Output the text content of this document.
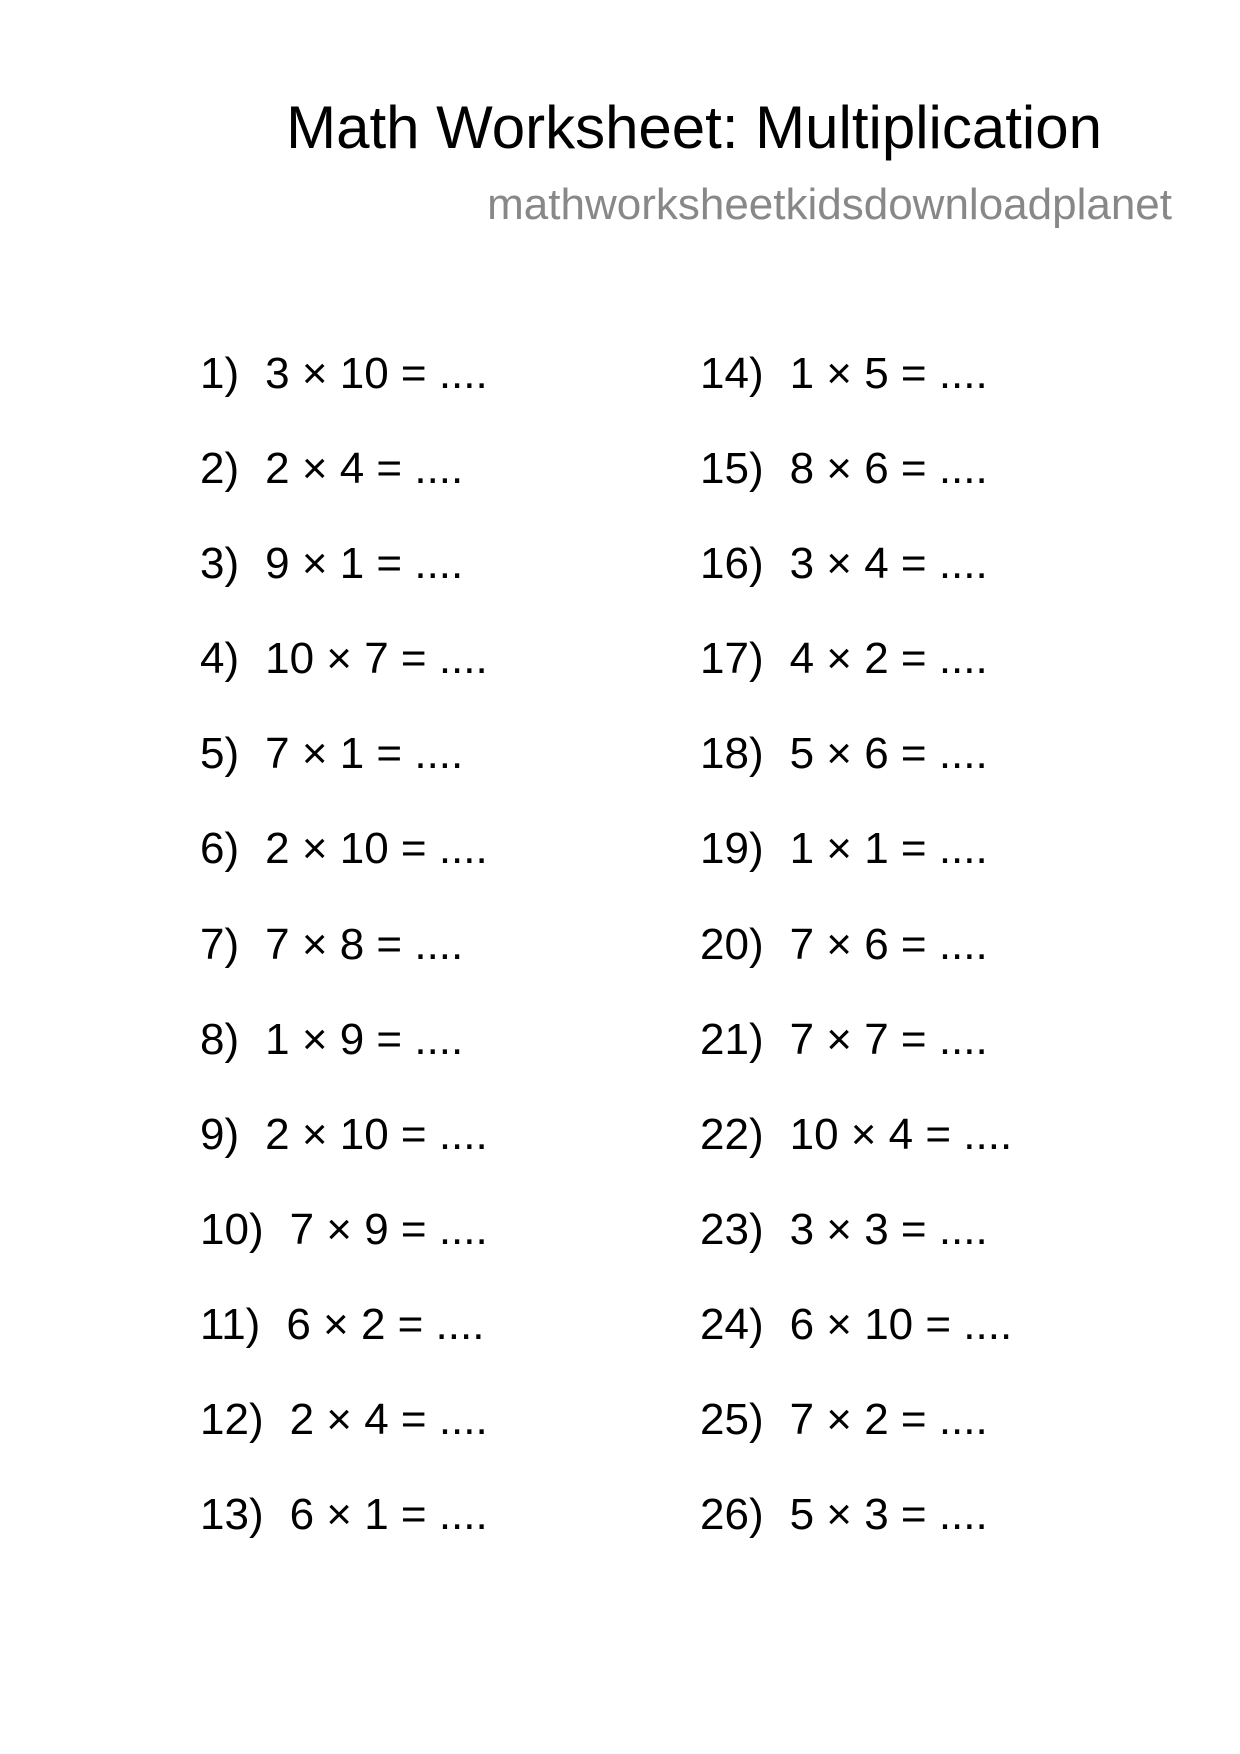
Math Worksheet: Multiplication
mathworksheetkidsdownloadplanet
1) 3 × 10 = ....
2) 2 × 4 = ....
3) 9 × 1 = ....
4) 10 × 7 = ....
5) 7 × 1 = ....
6) 2 × 10 = ....
7) 7 × 8 = ....
8) 1 × 9 = ....
9) 2 × 10 = ....
10) 7 × 9 = ....
11) 6 × 2 = ....
12) 2 × 4 = ....
13) 6 × 1 = ....
14) 1 × 5 = ....
15) 8 × 6 = ....
16) 3 × 4 = ....
17) 4 × 2 = ....
18) 5 × 6 = ....
19) 1 × 1 = ....
20) 7 × 6 = ....
21) 7 × 7 = ....
22) 10 × 4 = ....
23) 3 × 3 = ....
24) 6 × 10 = ....
25) 7 × 2 = ....
26) 5 × 3 = ....
